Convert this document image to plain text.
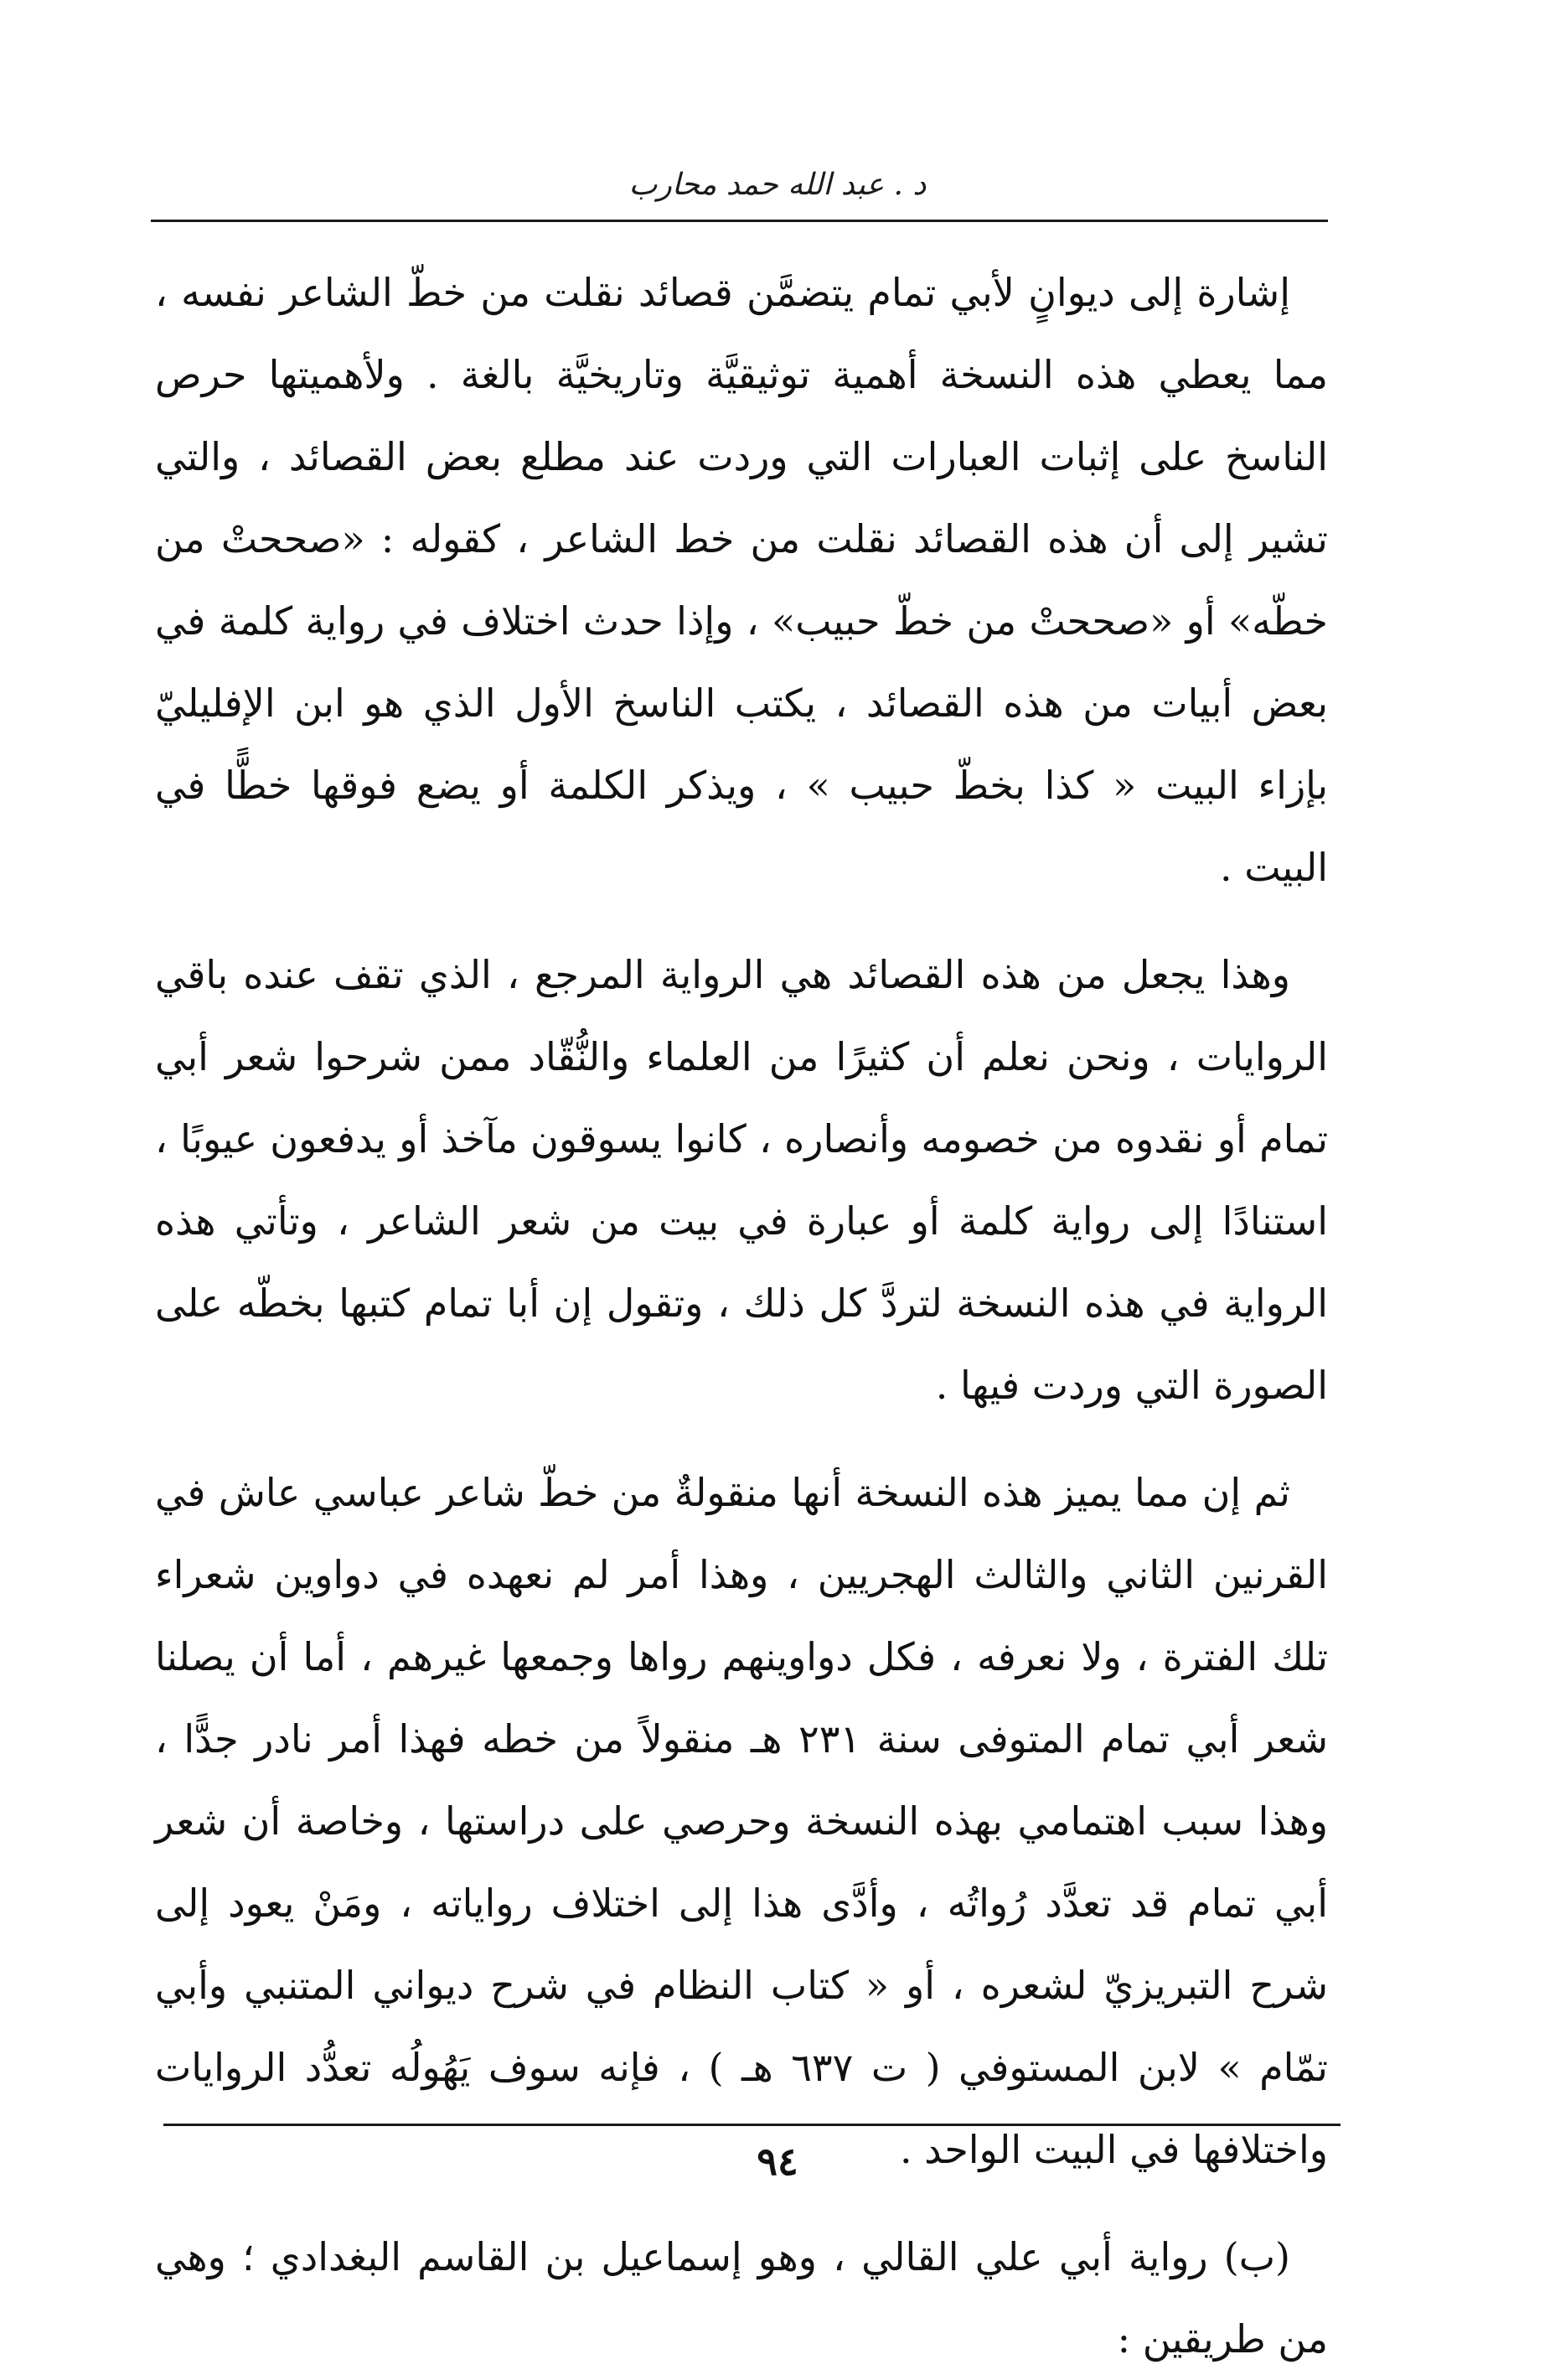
د . عبد الله حمد محارب

إشارة إلى ديوانٍ لأبي تمام يتضمَّن قصائد نقلت من خطّ الشاعر نفسه ، مما يعطي هذه النسخة أهمية توثيقيَّة وتاريخيَّة بالغة . ولأهميتها حرص الناسخ على إثبات العبارات التي وردت عند مطلع بعض القصائد ، والتي تشير إلى أن هذه القصائد نقلت من خط الشاعر ، كقوله : «صححتْ من خطّه» أو «صححتْ من خطّ حبيب» ، وإذا حدث اختلاف في رواية كلمة في بعض أبيات من هذه القصائد ، يكتب الناسخ الأول الذي هو ابن الإفليليّ بإزاء البيت « كذا بخطّ حبيب » ، ويذكر الكلمة أو يضع فوقها خطًّا في البيت .

وهذا يجعل من هذه القصائد هي الرواية المرجع ، الذي تقف عنده باقي الروايات ، ونحن نعلم أن كثيرًا من العلماء والنُّقّاد ممن شرحوا شعر أبي تمام أو نقدوه من خصومه وأنصاره ، كانوا يسوقون مآخذ أو يدفعون عيوبًا ، استنادًا إلى رواية كلمة أو عبارة في بيت من شعر الشاعر ، وتأتي هذه الرواية في هذه النسخة لتردَّ كل ذلك ، وتقول إن أبا تمام كتبها بخطّه على الصورة التي وردت فيها .

ثم إن مما يميز هذه النسخة أنها منقولةٌ من خطّ شاعر عباسي عاش في القرنين الثاني والثالث الهجريين ، وهذا أمر لم نعهده في دواوين شعراء تلك الفترة ، ولا نعرفه ، فكل دواوينهم رواها وجمعها غيرهم ، أما أن يصلنا شعر أبي تمام المتوفى سنة ٢٣١ هـ منقولاً من خطه فهذا أمر نادر جدًّا ، وهذا سبب اهتمامي بهذه النسخة وحرصي على دراستها ، وخاصة أن شعر أبي تمام قد تعدَّد رُواتُه ، وأدَّى هذا إلى اختلاف رواياته ، ومَنْ يعود إلى شرح التبريزيّ لشعره ، أو « كتاب النظام في شرح ديواني المتنبي وأبي تمّام » لابن المستوفي ( ت ٦٣٧ هـ ) ، فإنه سوف يَهُولُه تعدُّد الروايات واختلافها في البيت الواحد .

(ب) رواية أبي علي القالي ، وهو إسماعيل بن القاسم البغدادي ؛ وهي من طريقين :

٩٤
